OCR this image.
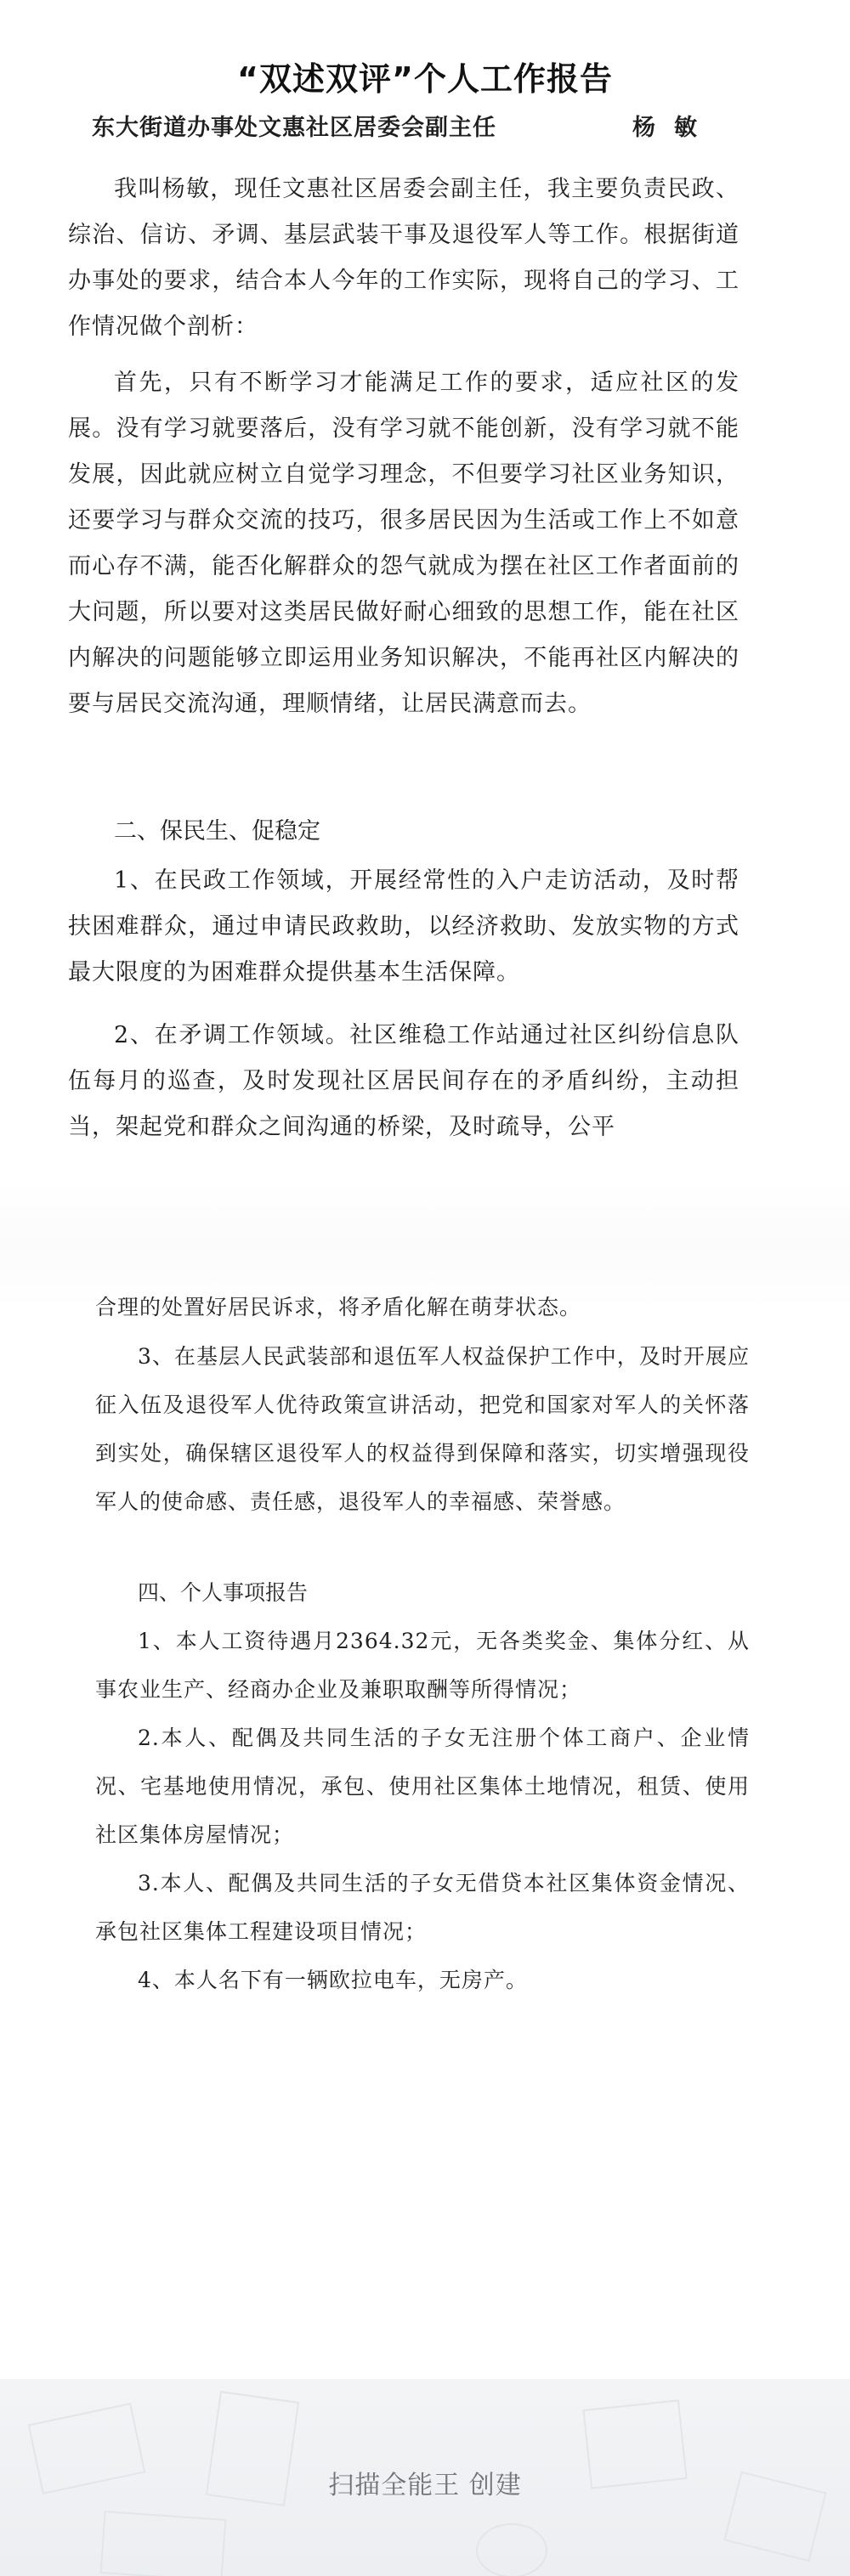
“双述双评”个人工作报告
东大街道办事处文惠社区居委会副主任	杨敏

我叫杨敏，现任文惠社区居委会副主任，我主要负责民政、综治、信访、矛调、基层武装干事及退役军人等工作。根据街道办事处的要求，结合本人今年的工作实际，现将自己的学习、工作情况做个剖析：

首先，只有不断学习才能满足工作的要求，适应社区的发展。没有学习就要落后，没有学习就不能创新，没有学习就不能发展，因此就应树立自觉学习理念，不但要学习社区业务知识，还要学习与群众交流的技巧，很多居民因为生活或工作上不如意而心存不满，能否化解群众的怨气就成为摆在社区工作者面前的大问题，所以要对这类居民做好耐心细致的思想工作，能在社区内解决的问题能够立即运用业务知识解决，不能再社区内解决的要与居民交流沟通，理顺情绪，让居民满意而去。

二、保民生、促稳定

1、在民政工作领域，开展经常性的入户走访活动，及时帮扶困难群众，通过申请民政救助，以经济救助、发放实物的方式最大限度的为困难群众提供基本生活保障。

2、在矛调工作领域。社区维稳工作站通过社区纠纷信息队伍每月的巡查，及时发现社区居民间存在的矛盾纠纷，主动担当，架起党和群众之间沟通的桥梁，及时疏导，公平

合理的处置好居民诉求，将矛盾化解在萌芽状态。

3、在基层人民武装部和退伍军人权益保护工作中，及时开展应征入伍及退役军人优待政策宣讲活动，把党和国家对军人的关怀落到实处，确保辖区退役军人的权益得到保障和落实，切实增强现役军人的使命感、责任感，退役军人的幸福感、荣誉感。

四、个人事项报告

1、本人工资待遇月2364.32元，无各类奖金、集体分红、从事农业生产、经商办企业及兼职取酬等所得情况；

2.本人、配偶及共同生活的子女无注册个体工商户、企业情况、宅基地使用情况，承包、使用社区集体土地情况，租赁、使用社区集体房屋情况；

3.本人、配偶及共同生活的子女无借贷本社区集体资金情况、承包社区集体工程建设项目情况；

4、本人名下有一辆欧拉电车，无房产。

扫描全能王 创建
